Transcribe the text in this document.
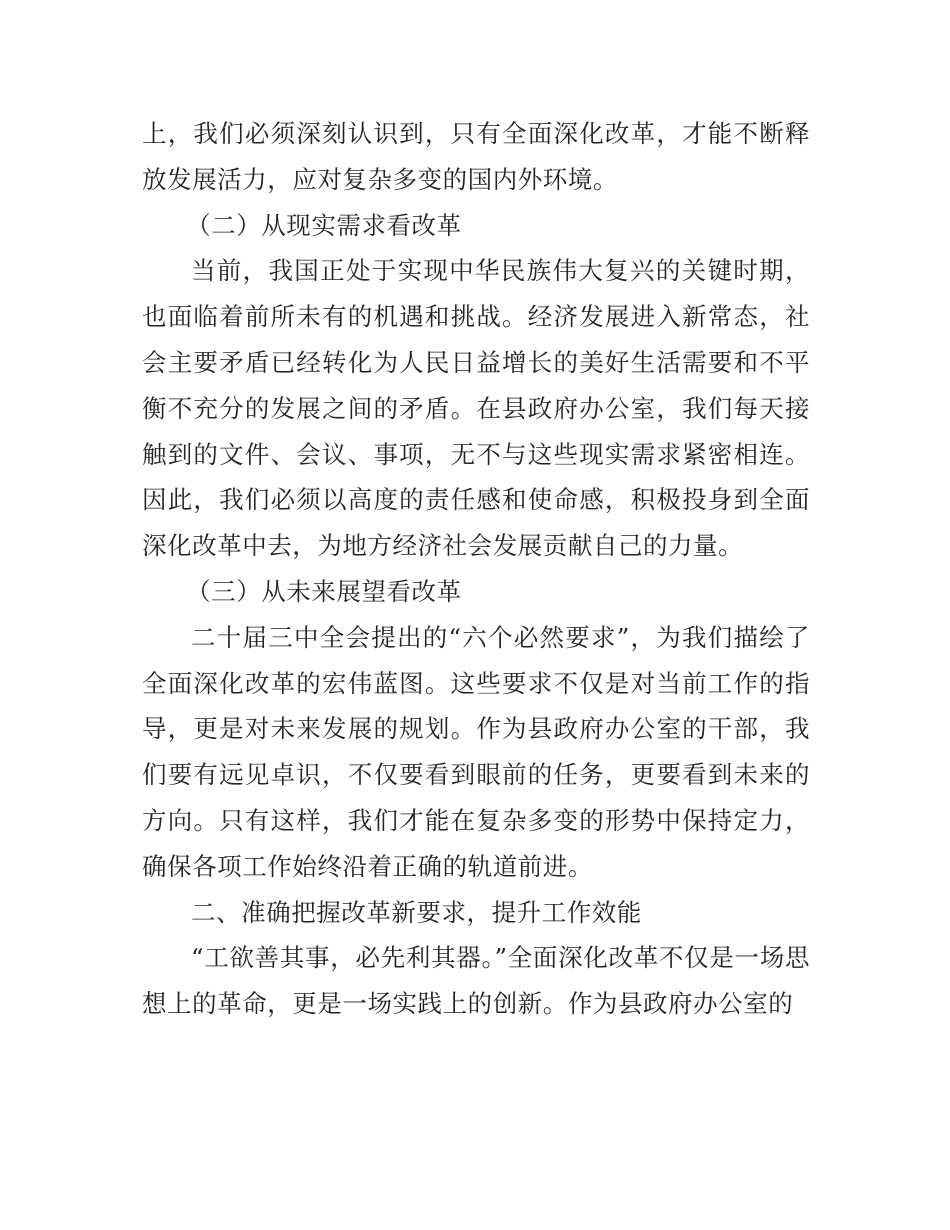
上，我们必须深刻认识到，只有全面深化改革，才能不断释放发展活力，应对复杂多变的国内外环境。

（二）从现实需求看改革

当前，我国正处于实现中华民族伟大复兴的关键时期，也面临着前所未有的机遇和挑战。经济发展进入新常态，社会主要矛盾已经转化为人民日益增长的美好生活需要和不平衡不充分的发展之间的矛盾。在县政府办公室，我们每天接触到的文件、会议、事项，无不与这些现实需求紧密相连。因此，我们必须以高度的责任感和使命感，积极投身到全面深化改革中去，为地方经济社会发展贡献自己的力量。

（三）从未来展望看改革

二十届三中全会提出的“六个必然要求”，为我们描绘了全面深化改革的宏伟蓝图。这些要求不仅是对当前工作的指导，更是对未来发展的规划。作为县政府办公室的干部，我们要有远见卓识，不仅要看到眼前的任务，更要看到未来的方向。只有这样，我们才能在复杂多变的形势中保持定力，确保各项工作始终沿着正确的轨道前进。

二、准确把握改革新要求，提升工作效能

“工欲善其事，必先利其器。”全面深化改革不仅是一场思想上的革命，更是一场实践上的创新。作为县政府办公室的
